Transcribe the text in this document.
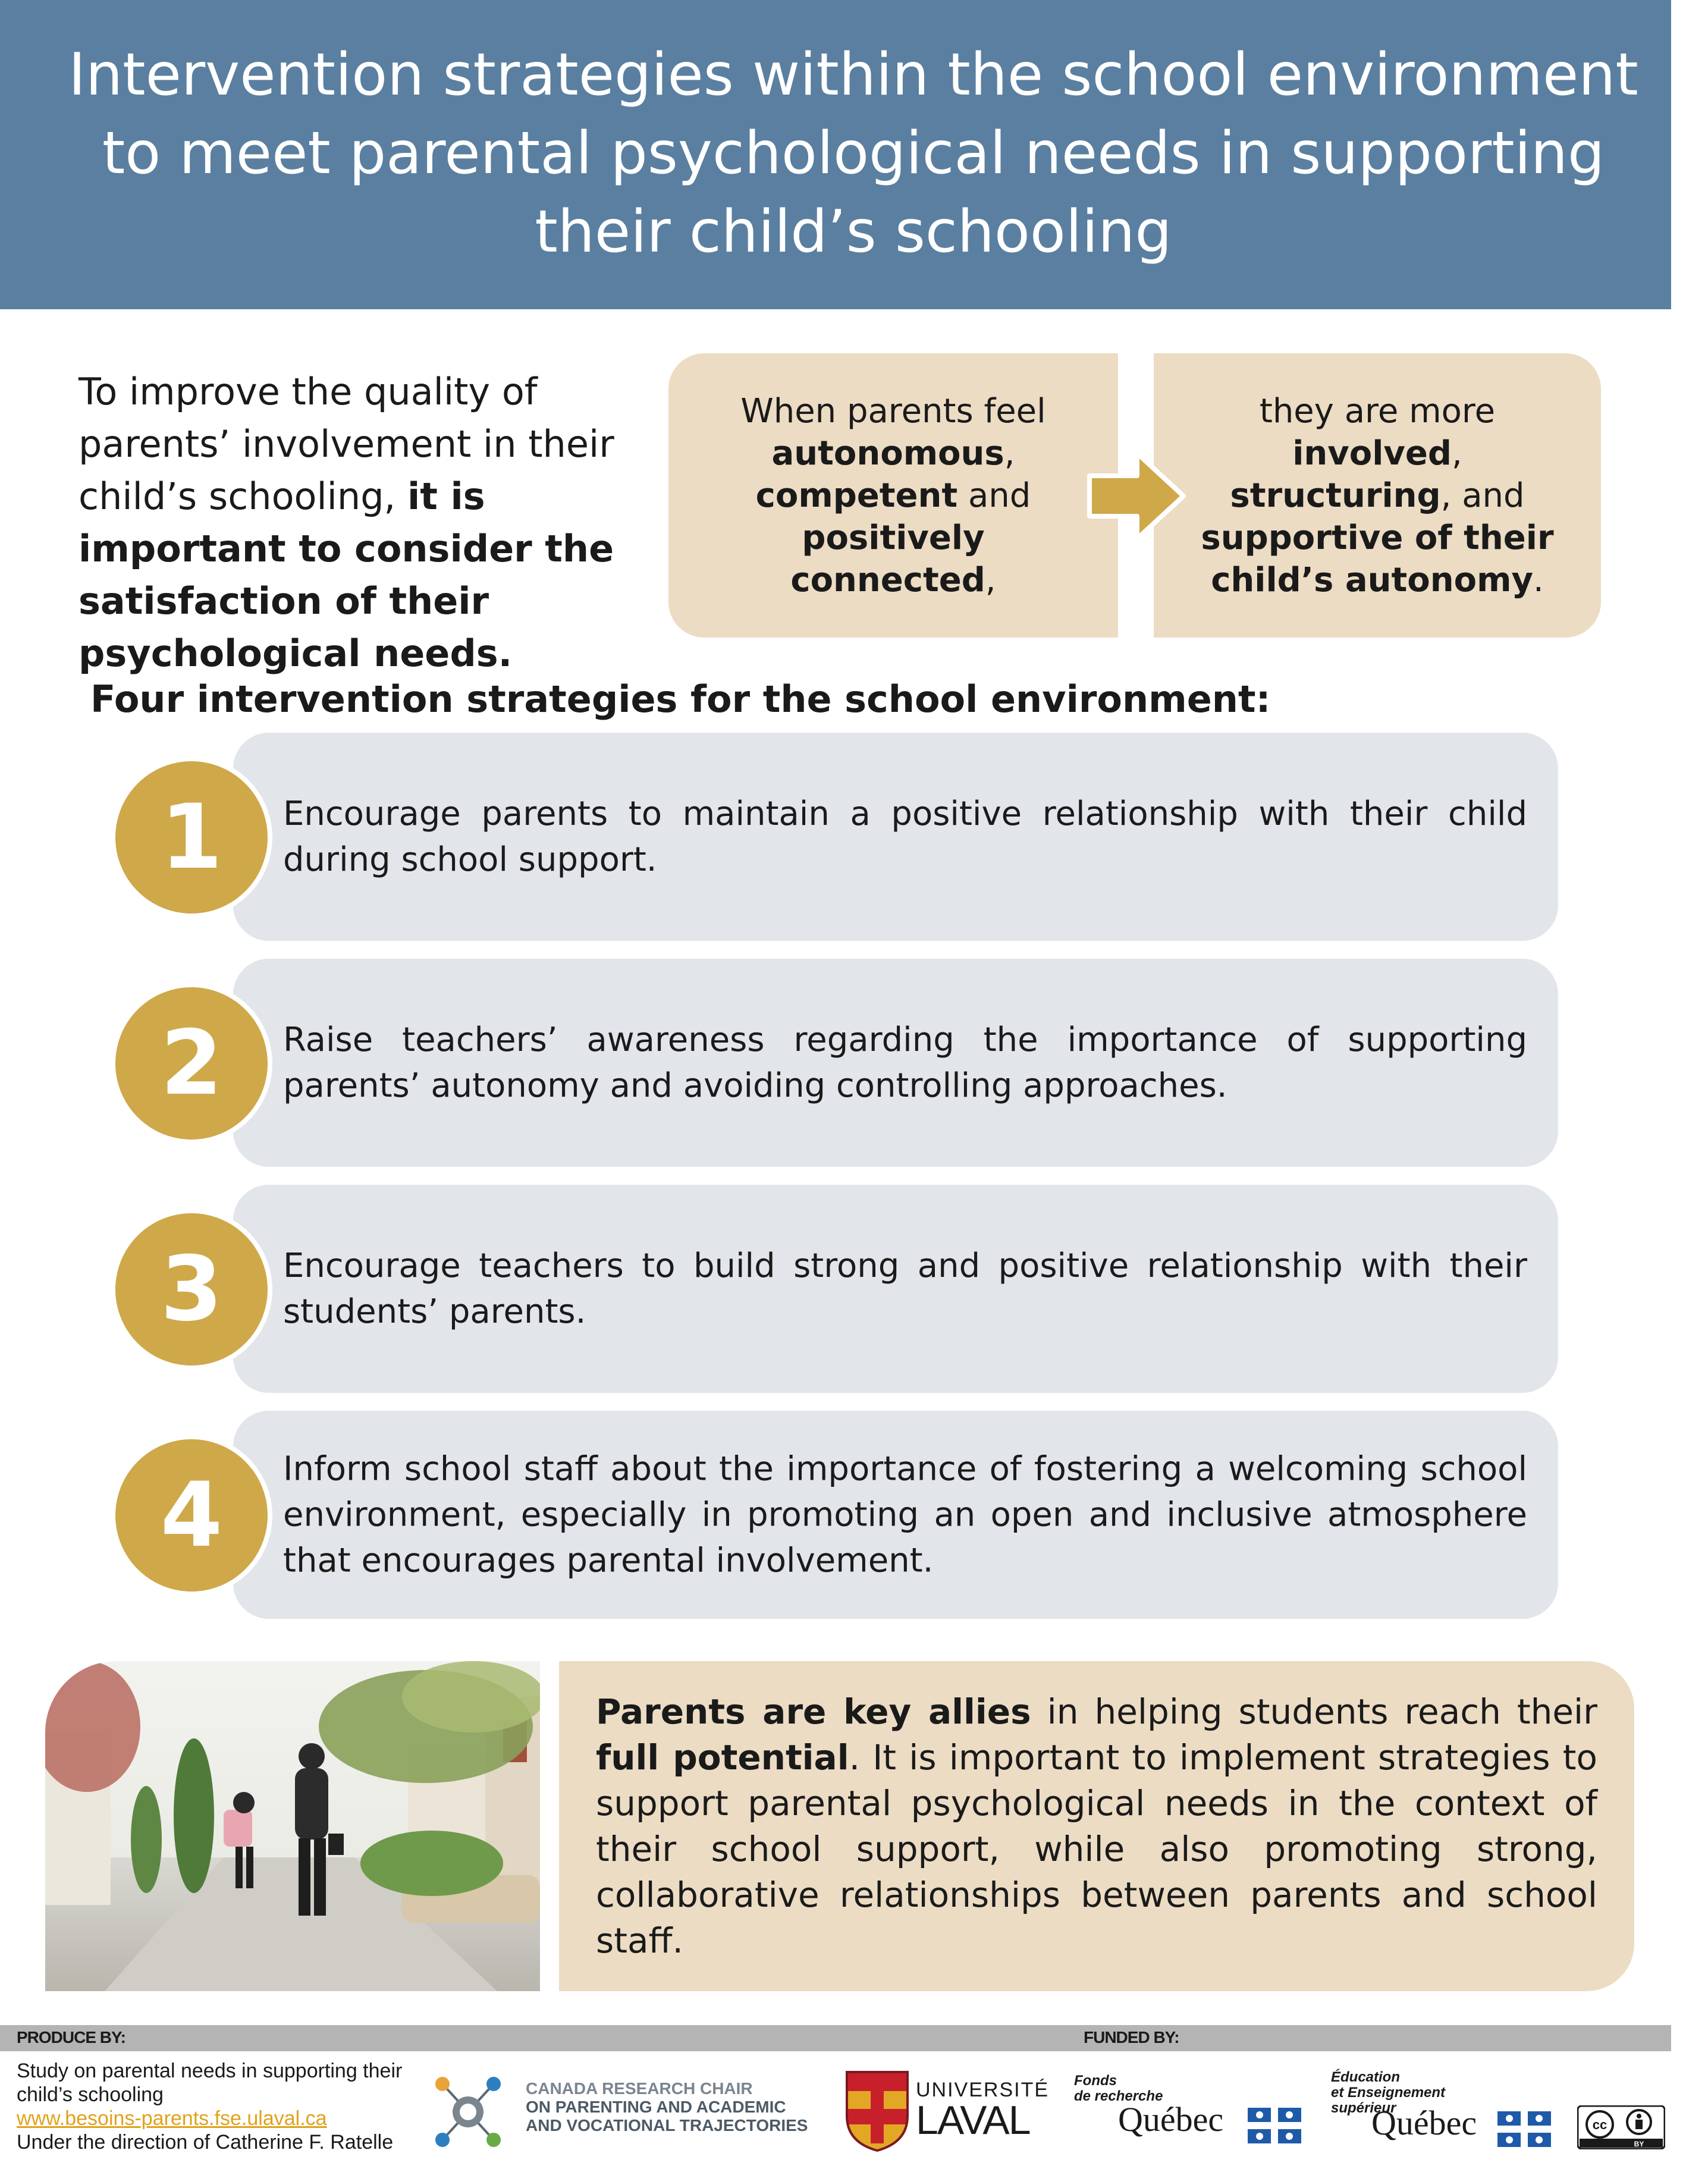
Intervention strategies within the school environment to meet parental psychological needs in supporting their child’s schooling
To improve the quality of parents’ involvement in their child’s schooling, it is important to consider the satisfaction of their psychological needs.
When parents feel
autonomous,
competent and
positively connected,
they are more involved,
structuring, and supportive of their child’s autonomy.
Four intervention strategies for the school environment:
Encourage parents to maintain a positive relationship with their child during school support.
1
Raise teachers’ awareness regarding the importance of supporting parents’ autonomy and avoiding controlling approaches.
2
Encourage teachers to build strong and positive relationship with their students’ parents.
3
Inform school staff about the importance of fostering a welcoming school environment, especially in promoting an open and inclusive atmosphere that encourages parental involvement.
4
Parents are key allies in helping students reach their full potential. It is important to implement strategies to support parental psychological needs in the context of their school support, while also promoting strong, collaborative relationships between parents and school staff.
PRODUCE BY:	FUNDED BY:
Study on parental needs in supporting their
child’s schooling
www.besoins-parents.fse.ulaval.ca
Under the direction of Catherine F. Ratelle
CANADA RESEARCH CHAIR
ON PARENTING AND ACADEMIC
AND VOCATIONAL TRAJECTORIES
UNIVERSITÉ
LAVAL
Fonds
de recherche
Québec
Éducation
et Enseignement
supérieur
Québec	cc
BY
